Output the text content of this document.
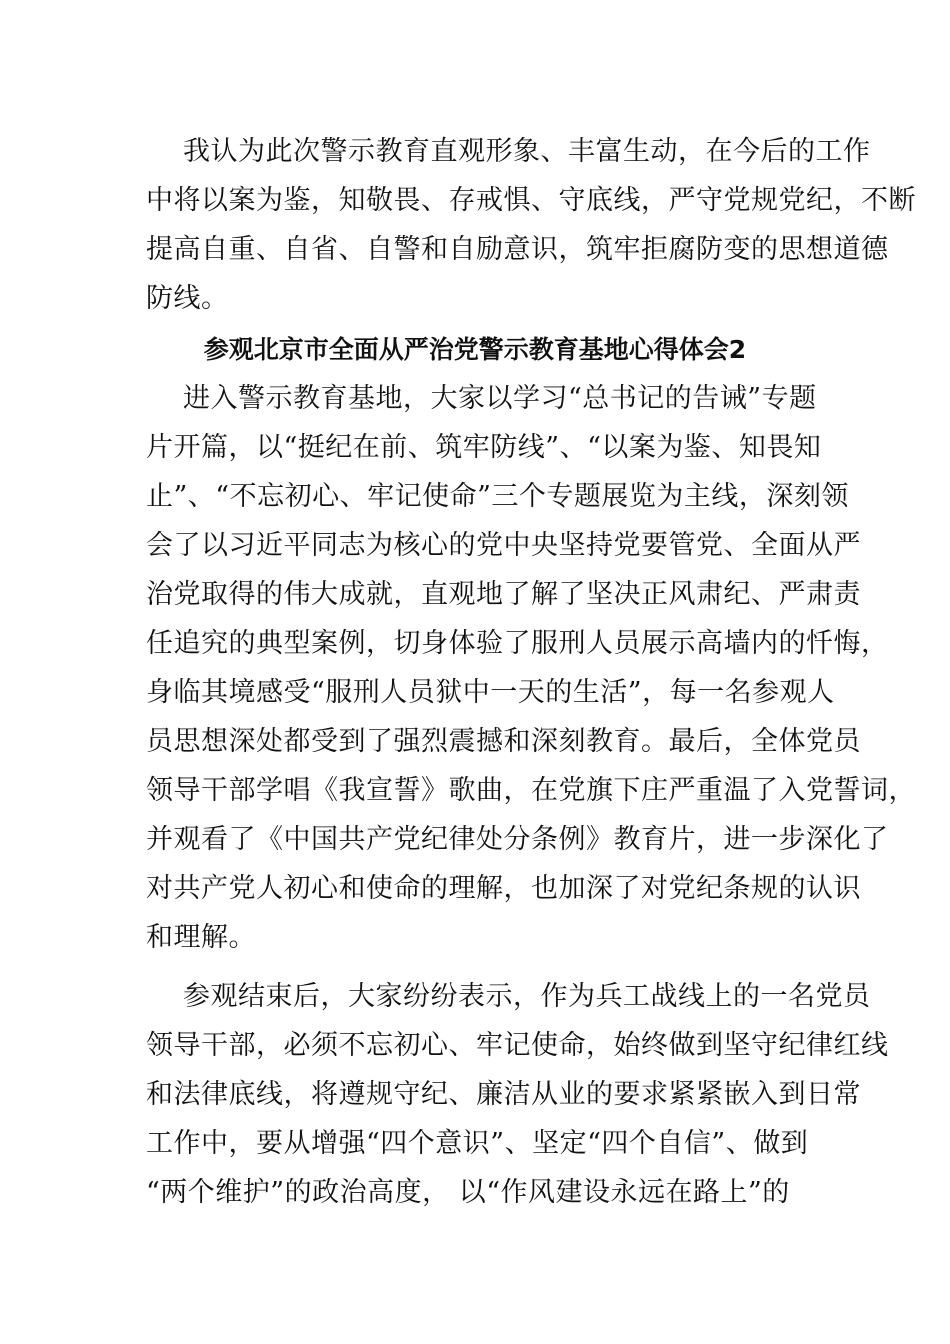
我认为此次警示教育直观形象、丰富生动，在今后的工作
中将以案为鉴，知敬畏、存戒惧、守底线，严守党规党纪，不断
提高自重、自省、自警和自励意识，筑牢拒腐防变的思想道德
防线。
参观北京市全面从严治党警示教育基地心得体会2
进入警示教育基地，大家以学习“总书记的告诫”专题
片开篇，以“挺纪在前、筑牢防线”、“以案为鉴、知畏知
止”、“不忘初心、牢记使命”三个专题展览为主线，深刻领
会了以习近平同志为核心的党中央坚持党要管党、全面从严
治党取得的伟大成就，直观地了解了坚决正风肃纪、严肃责
任追究的典型案例，切身体验了服刑人员展示高墙内的忏悔，
身临其境感受“服刑人员狱中一天的生活”，每一名参观人
员思想深处都受到了强烈震撼和深刻教育。最后，全体党员
领导干部学唱《我宣誓》歌曲，在党旗下庄严重温了入党誓词，
并观看了《中国共产党纪律处分条例》教育片，进一步深化了
对共产党人初心和使命的理解，也加深了对党纪条规的认识
和理解。
参观结束后，大家纷纷表示，作为兵工战线上的一名党员
领导干部，必须不忘初心、牢记使命，始终做到坚守纪律红线
和法律底线，将遵规守纪、廉洁从业的要求紧紧嵌入到日常
工作中，要从增强“四个意识”、坚定“四个自信”、做到
“两个维护”的政治高度， 以“作风建设永远在路上”的
